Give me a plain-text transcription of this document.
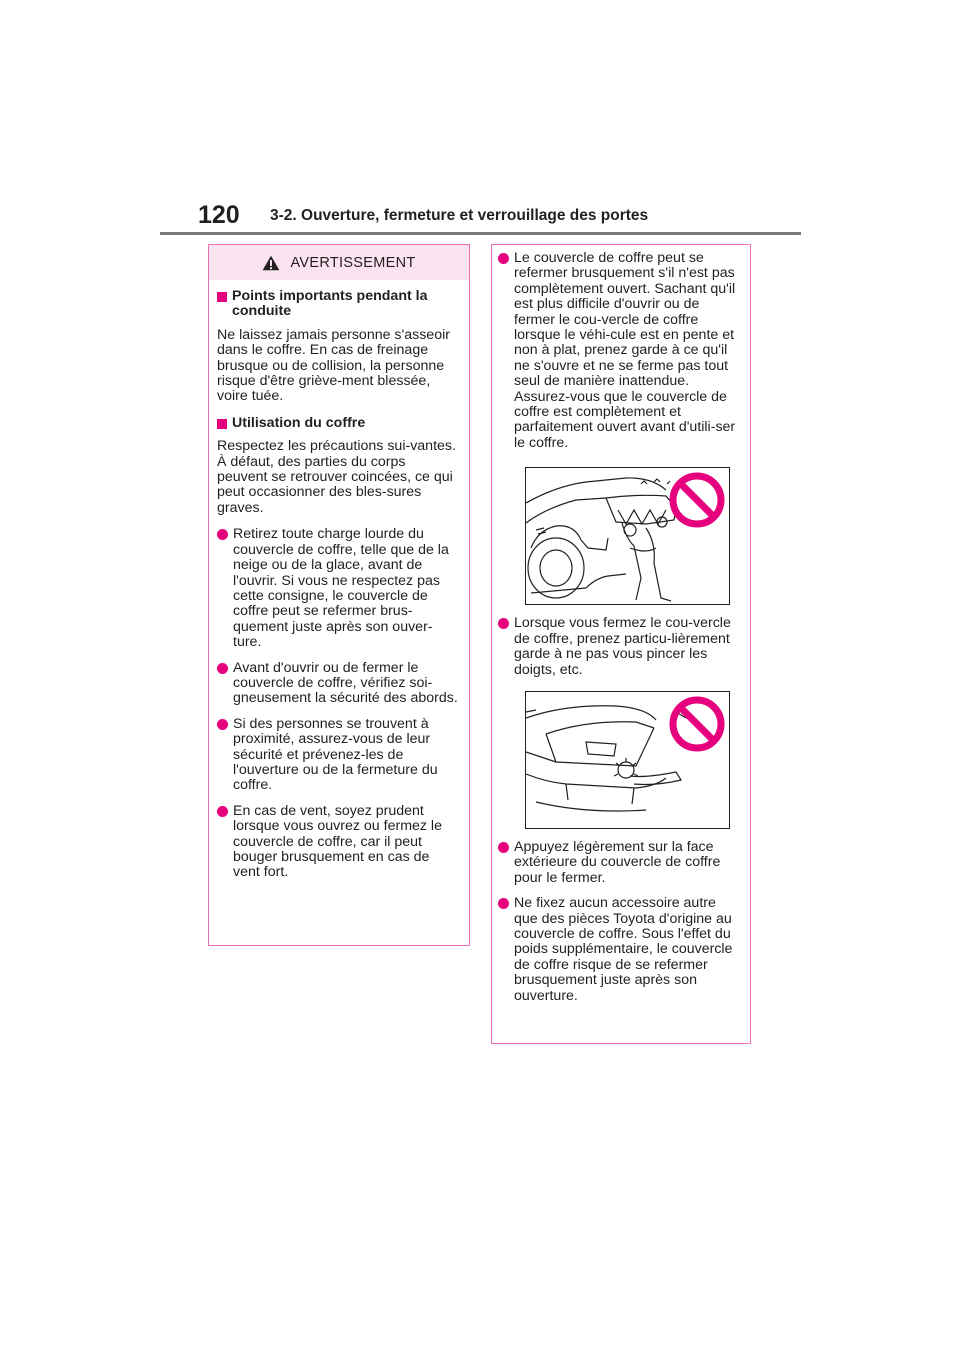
120 3-2. Ouverture, fermeture et verrouillage des portes
AVERTISSEMENT
Points importants pendant la conduite
Ne laissez jamais personne s'asseoir dans le coffre. En cas de freinage brusque ou de collision, la personne risque d'être griève-ment blessée, voire tuée.
Utilisation du coffre
Respectez les précautions sui-vantes.
À défaut, des parties du corps peuvent se retrouver coincées, ce qui peut occasionner des bles-sures graves.
Retirez toute charge lourde du couvercle de coffre, telle que de la neige ou de la glace, avant de l'ouvrir. Si vous ne respectez pas cette consigne, le couvercle de coffre peut se refermer brus-quement juste après son ouver-ture.
Avant d'ouvrir ou de fermer le couvercle de coffre, vérifiez soi-gneusement la sécurité des abords.
Si des personnes se trouvent à proximité, assurez-vous de leur sécurité et prévenez-les de l'ouverture ou de la fermeture du coffre.
En cas de vent, soyez prudent lorsque vous ouvrez ou fermez le couvercle de coffre, car il peut bouger brusquement en cas de vent fort.
Le couvercle de coffre peut se refermer brusquement s'il n'est pas complètement ouvert. Sachant qu'il est plus difficile d'ouvrir ou de fermer le cou-vercle de coffre lorsque le véhi-cule est en pente et non à plat, prenez garde à ce qu'il ne s'ouvre et ne se ferme pas tout seul de manière inattendue. Assurez-vous que le couvercle de coffre est complètement et parfaitement ouvert avant d'utili-ser le coffre.
Lorsque vous fermez le cou-vercle de coffre, prenez particu-lièrement garde à ne pas vous pincer les doigts, etc.
Appuyez légèrement sur la face extérieure du couvercle de coffre pour le fermer.
Ne fixez aucun accessoire autre que des pièces Toyota d'origine au couvercle de coffre. Sous l'effet du poids supplémentaire, le couvercle de coffre risque de se refermer brusquement juste après son ouverture.
